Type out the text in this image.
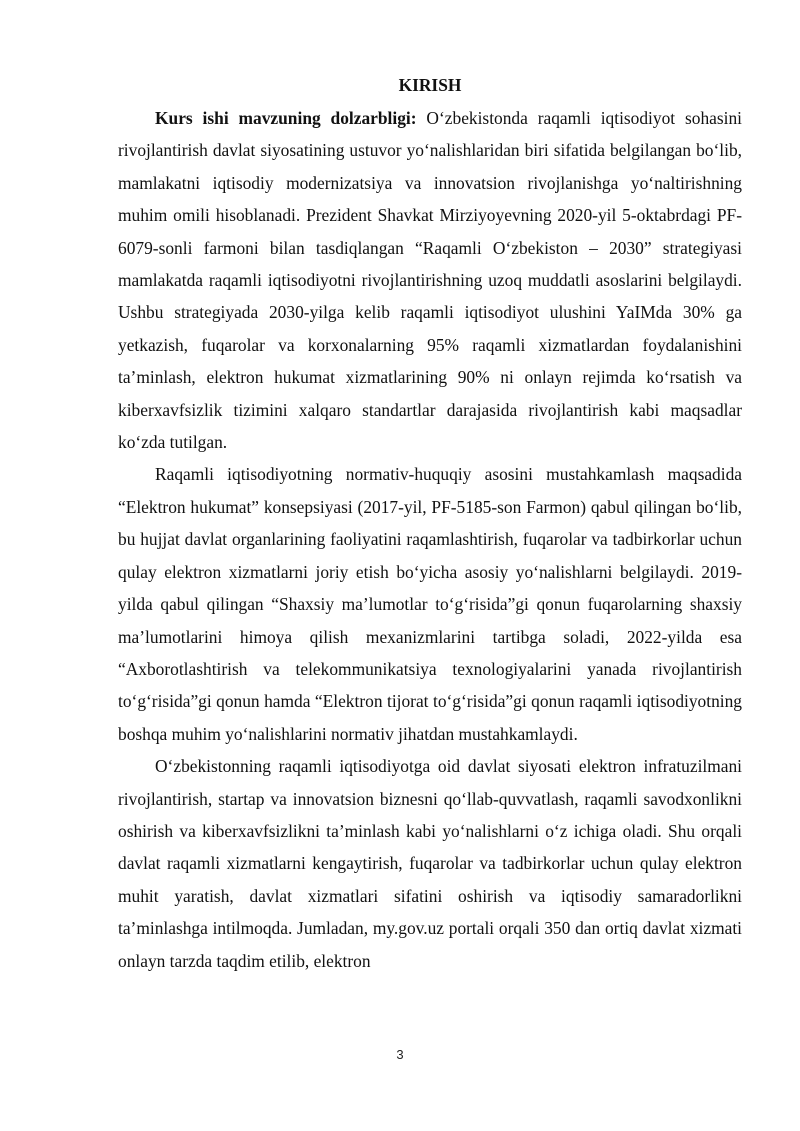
KIRISH

Kurs ishi mavzuning dolzarbligi: O‘zbekistonda raqamli iqtisodiyot sohasini rivojlantirish davlat siyosatining ustuvor yo‘nalishlaridan biri sifatida belgilangan bo‘lib, mamlakatni iqtisodiy modernizatsiya va innovatsion rivojlanishga yo‘naltirishning muhim omili hisoblanadi. Prezident Shavkat Mirziyoyevning 2020-yil 5-oktabrdagi PF-6079-sonli farmoni bilan tasdiqlangan “Raqamli O‘zbekiston – 2030” strategiyasi mamlakatda raqamli iqtisodiyotni rivojlantirishning uzoq muddatli asoslarini belgilaydi. Ushbu strategiyada 2030-yilga kelib raqamli iqtisodiyot ulushini YaIMda 30% ga yetkazish, fuqarolar va korxonalarning 95% raqamli xizmatlardan foydalanishini ta’minlash, elektron hukumat xizmatlarining 90% ni onlayn rejimda ko‘rsatish va kiberxavfsizlik tizimini xalqaro standartlar darajasida rivojlantirish kabi maqsadlar ko‘zda tutilgan.

Raqamli iqtisodiyotning normativ-huquqiy asosini mustahkamlash maqsadida “Elektron hukumat” konsepsiyasi (2017-yil, PF-5185-son Farmon) qabul qilingan bo‘lib, bu hujjat davlat organlarining faoliyatini raqamlashtirish, fuqarolar va tadbirkorlar uchun qulay elektron xizmatlarni joriy etish bo‘yicha asosiy yo‘nalishlarni belgilaydi. 2019-yilda qabul qilingan “Shaxsiy ma’lumotlar to‘g‘risida”gi qonun fuqarolarning shaxsiy ma’lumotlarini himoya qilish mexanizmlarini tartibga soladi, 2022-yilda esa “Axborotlashtirish va telekommunikatsiya texnologiyalarini yanada rivojlantirish to‘g‘risida”gi qonun hamda “Elektron tijorat to‘g‘risida”gi qonun raqamli iqtisodiyotning boshqa muhim yo‘nalishlarini normativ jihatdan mustahkamlaydi.

O‘zbekistonning raqamli iqtisodiyotga oid davlat siyosati elektron infratuzilmani rivojlantirish, startap va innovatsion biznesni qo‘llab-quvvatlash, raqamli savodxonlikni oshirish va kiberxavfsizlikni ta’minlash kabi yo‘nalishlarni o‘z ichiga oladi. Shu orqali davlat raqamli xizmatlarni kengaytirish, fuqarolar va tadbirkorlar uchun qulay elektron muhit yaratish, davlat xizmatlari sifatini oshirish va iqtisodiy samaradorlikni ta’minlashga intilmoqda. Jumladan, my.gov.uz portali orqali 350 dan ortiq davlat xizmati onlayn tarzda taqdim etilib, elektron

3
